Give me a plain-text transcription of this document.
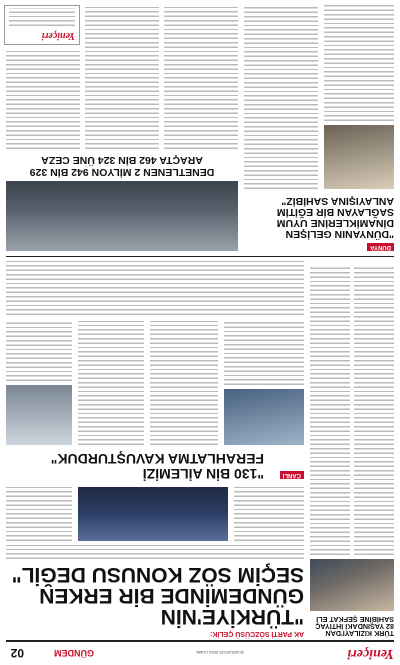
Yeniçeri
30 AĞUSTOS 2024 CUMA
GÜNDEM
02
TÜRK KIZILAYI'DAN
82 YAŞINDAKİ İHTİYAÇ
SAHİBİNE ŞEFKAT ELİ
AK PARTİ SÖZCÜSÜ ÇELİK:
"TÜRKİYE'NİN
GÜNDEMİNDE BİR ERKEN
SEÇİM SÖZ KONUSU DEĞİL"
CANLI
"130 BİN AİLEMİZİ
FERAHLATMA KAVUŞTURDUK"
DÜNYA
"DÜNYANIN GELİŞEN
DİNAMİKLERİNE UYUM
SAĞLAYAN BİR EĞİTİM
ANLAYIŞINA SAHİBİZ"
DENETLENEN 2 MİLYON 942 BİN 329
ARAÇTA 462 BİN 324 ÜNE CEZA
Yeniçeri
